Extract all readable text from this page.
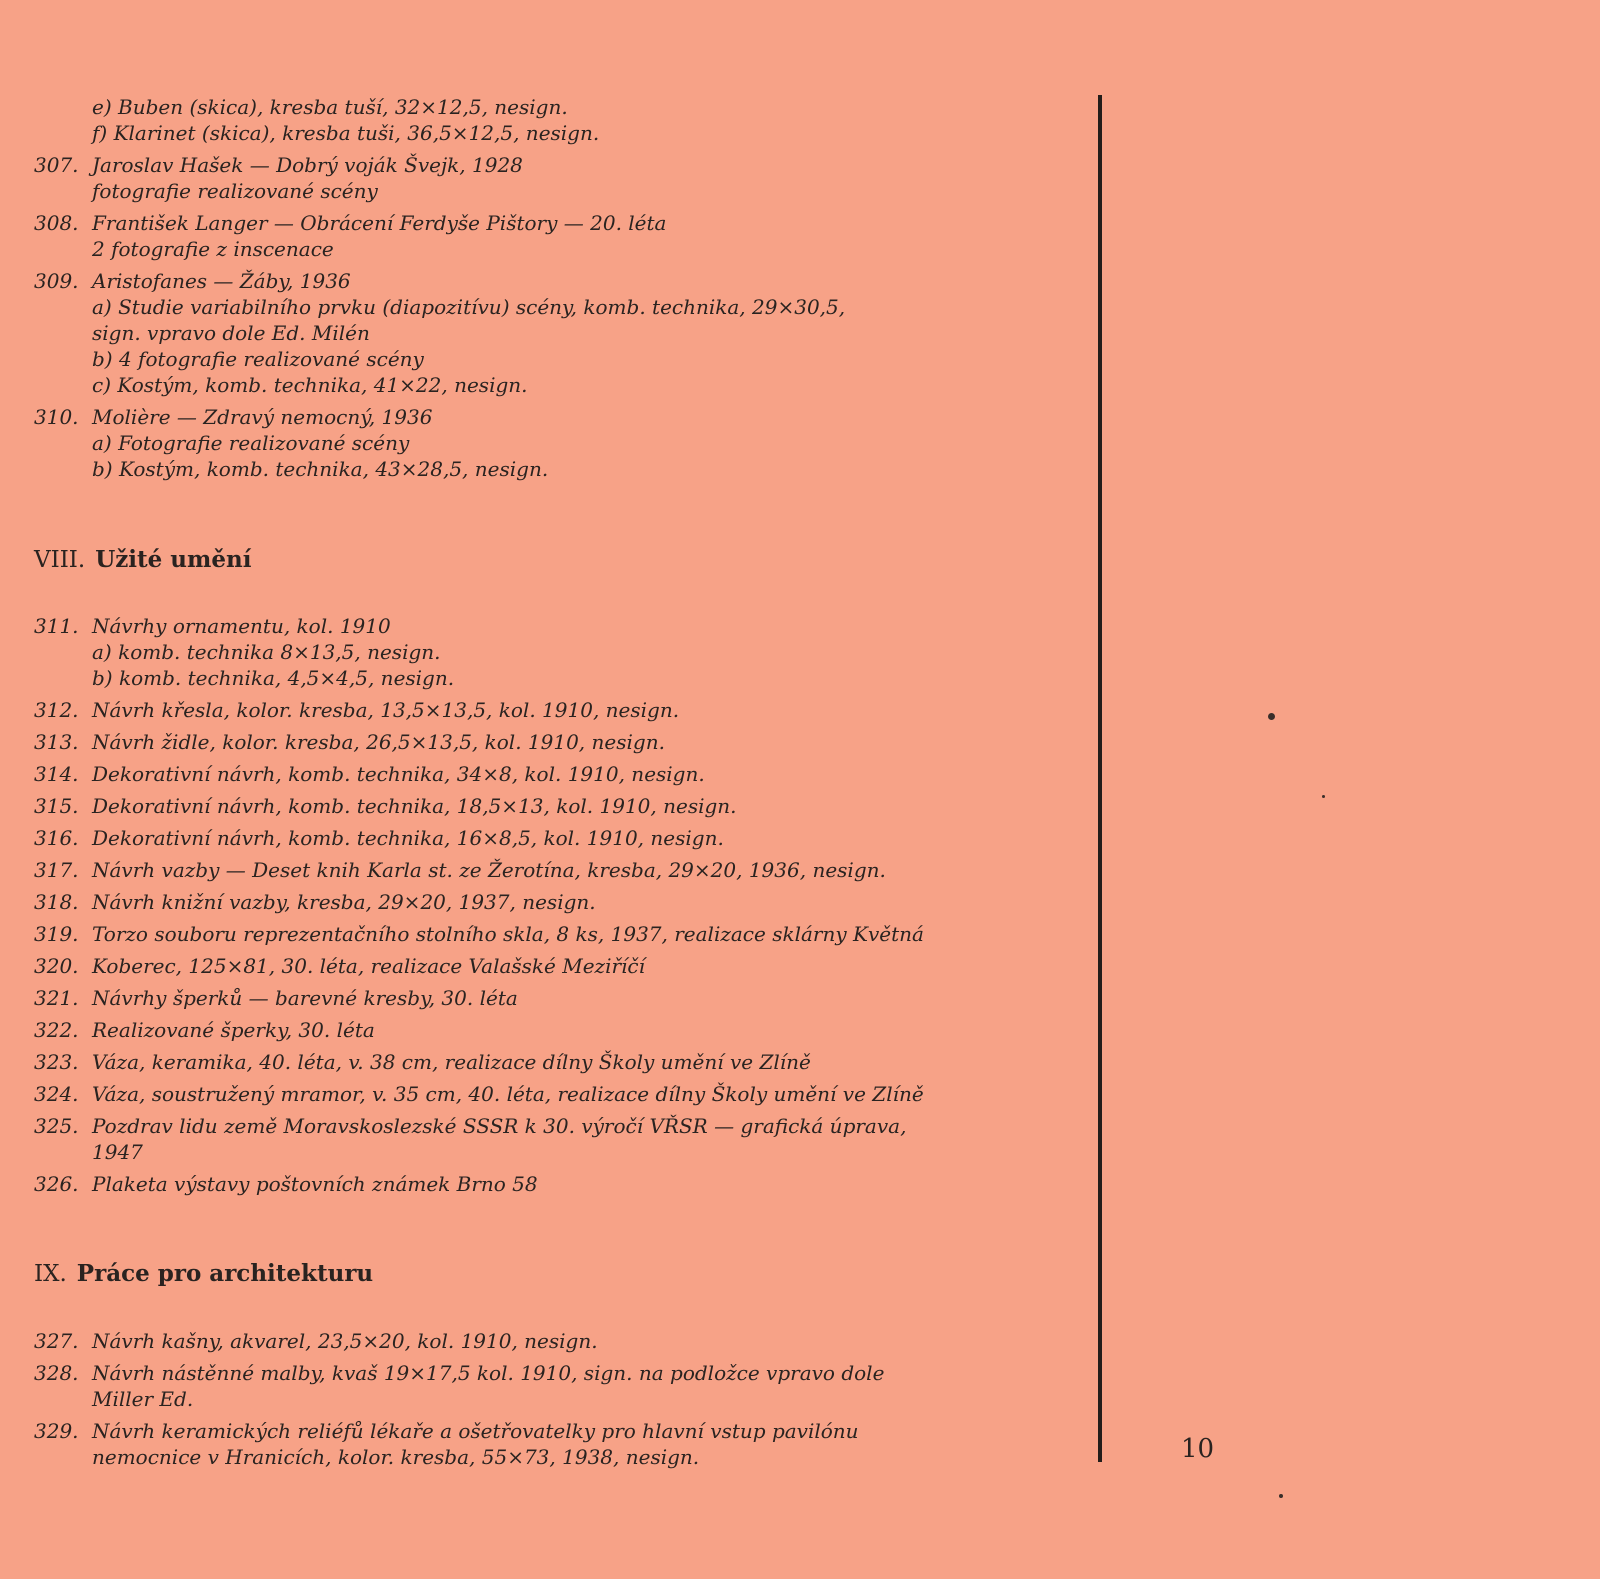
e) Buben (skica), kresba tuší, 32×12,5, nesign.
f) Klarinet (skica), kresba tuši, 36,5×12,5, nesign.
307. Jaroslav Hašek — Dobrý voják Švejk, 1928
fotografie realizované scény
308. František Langer — Obrácení Ferdyše Pištory — 20. léta
2 fotografie z inscenace
309. Aristofanes — Žáby, 1936
a) Studie variabilního prvku (diapozitívu) scény, komb. technika, 29×30,5,
sign. vpravo dole Ed. Milén
b) 4 fotografie realizované scény
c) Kostým, komb. technika, 41×22, nesign.
310. Molière — Zdravý nemocný, 1936
a) Fotografie realizované scény
b) Kostým, komb. technika, 43×28,5, nesign.
311. Návrhy ornamentu, kol. 1910
a) komb. technika 8×13,5, nesign.
b) komb. technika, 4,5×4,5, nesign.
312. Návrh křesla, kolor. kresba, 13,5×13,5, kol. 1910, nesign.
313. Návrh židle, kolor. kresba, 26,5×13,5, kol. 1910, nesign.
314. Dekorativní návrh, komb. technika, 34×8, kol. 1910, nesign.
315. Dekorativní návrh, komb. technika, 18,5×13, kol. 1910, nesign.
316. Dekorativní návrh, komb. technika, 16×8,5, kol. 1910, nesign.
317. Návrh vazby — Deset knih Karla st. ze Žerotína, kresba, 29×20, 1936, nesign.
318. Návrh knižní vazby, kresba, 29×20, 1937, nesign.
319. Torzo souboru reprezentačního stolního skla, 8 ks, 1937, realizace sklárny Květná
320. Koberec, 125×81, 30. léta, realizace Valašské Meziříčí
321. Návrhy šperků — barevné kresby, 30. léta
322. Realizované šperky, 30. léta
323. Váza, keramika, 40. léta, v. 38 cm, realizace dílny Školy umění ve Zlíně
324. Váza, soustružený mramor, v. 35 cm, 40. léta, realizace dílny Školy umění ve Zlíně
325. Pozdrav lidu země Moravskoslezské SSSR k 30. výročí VŘSR — grafická úprava,
1947
326. Plaketa výstavy poštovních známek Brno 58
327. Návrh kašny, akvarel, 23,5×20, kol. 1910, nesign.
328. Návrh nástěnné malby, kvaš 19×17,5 kol. 1910, sign. na podložce vpravo dole
Miller Ed.
329. Návrh keramických reliéfů lékaře a ošetřovatelky pro hlavní vstup pavilónu
nemocnice v Hranicích, kolor. kresba, 55×73, 1938, nesign.
VIII. Užité umění
IX. Práce pro architekturu
10
